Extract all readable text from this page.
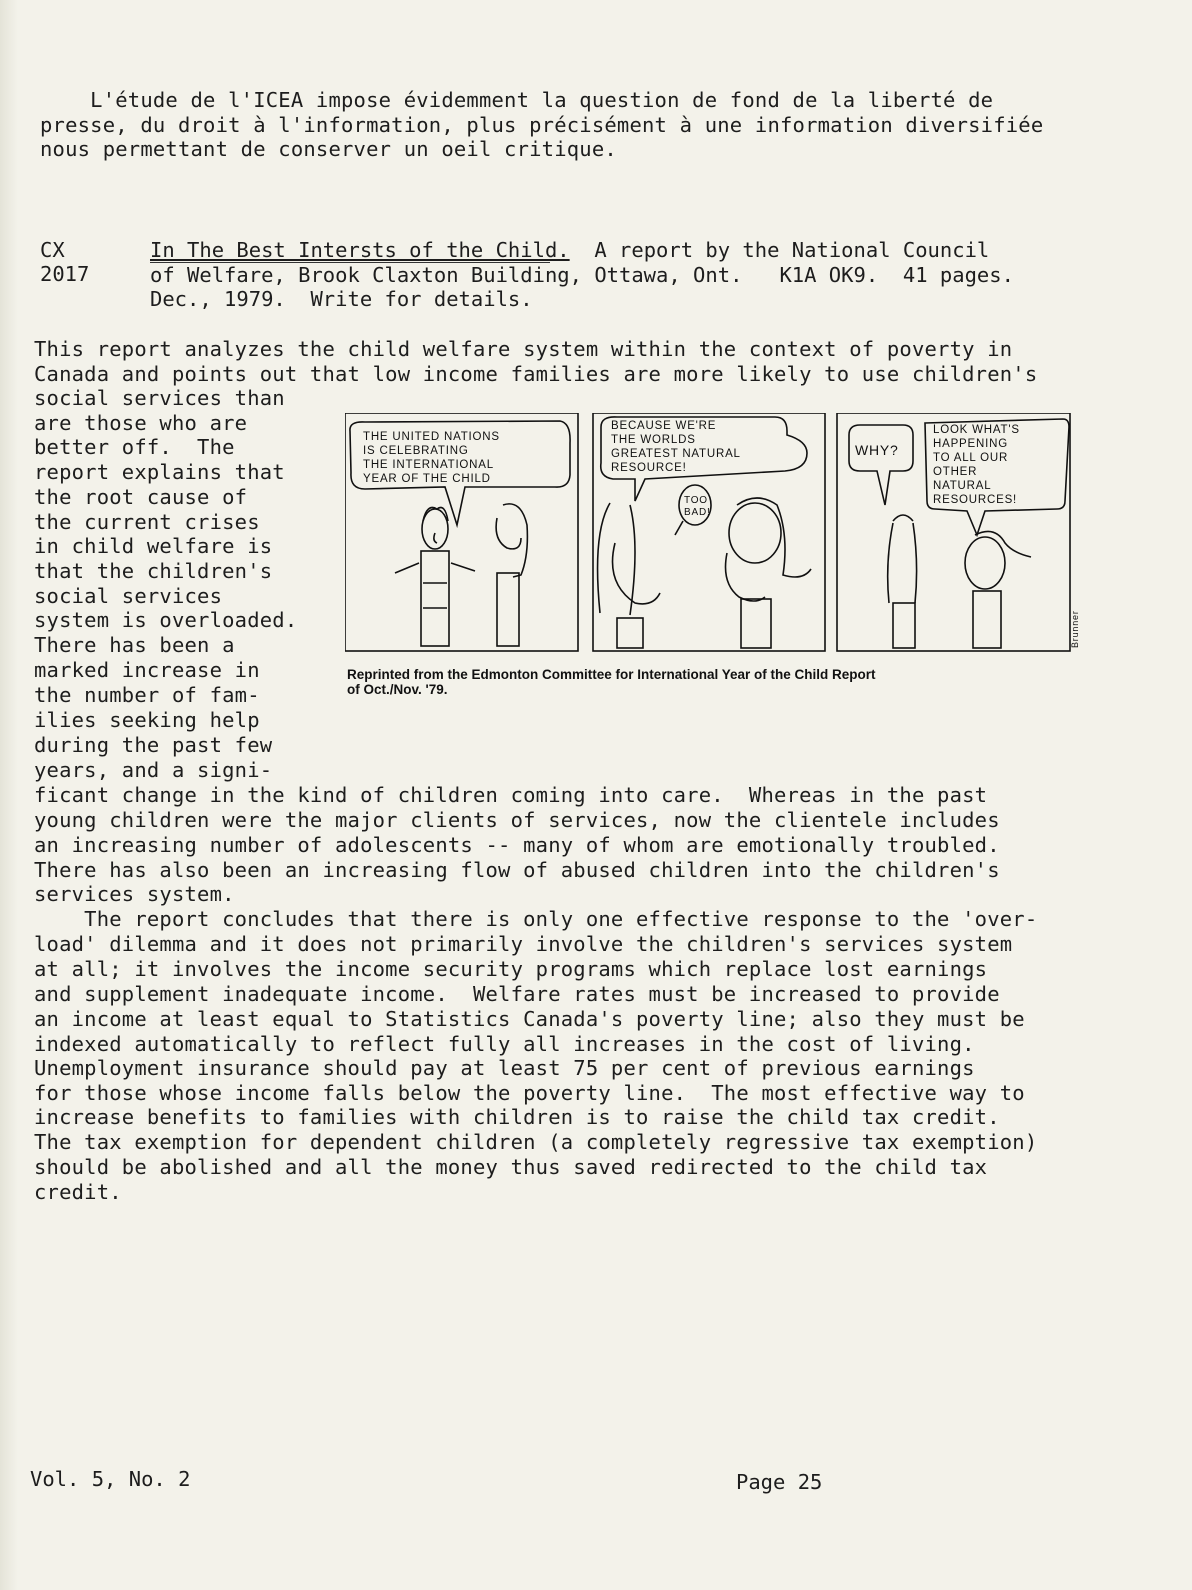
L'étude de l'ICEA impose évidemment la question de fond de la liberté de
presse, du droit à l'information, plus précisément à une information diversifiée
nous permettant de conserver un oeil critique.
CX
2017
In The Best Intersts of the Child.  A report by the National Council
of Welfare, Brook Claxton Building, Ottawa, Ont.   K1A OK9.  41 pages.
Dec., 1979.  Write for details.
This report analyzes the child welfare system within the context of poverty in
Canada and points out that low income families are more likely to use children's
social services than
are those who are
better off.  The
report explains that
the root cause of
the current crises
in child welfare is
that the children's
social services
system is overloaded.
There has been a
marked increase in
the number of fam-
ilies seeking help
during the past few
years, and a signi-
ficant change in the kind of children coming into care.  Whereas in the past
young children were the major clients of services, now the clientele includes
an increasing number of adolescents -- many of whom are emotionally troubled.
There has also been an increasing flow of abused children into the children's
services system.
The report concludes that there is only one effective response to the 'over-
load' dilemma and it does not primarily involve the children's services system
at all; it involves the income security programs which replace lost earnings
and supplement inadequate income.  Welfare rates must be increased to provide
an income at least equal to Statistics Canada's poverty line; also they must be
indexed automatically to reflect fully all increases in the cost of living.
Unemployment insurance should pay at least 75 per cent of previous earnings
for those whose income falls below the poverty line.  The most effective way to
increase benefits to families with children is to raise the child tax credit.
The tax exemption for dependent children (a completely regressive tax exemption)
should be abolished and all the money thus saved redirected to the child tax
credit.
THE UNITED NATIONS
IS CELEBRATING
THE INTERNATIONAL
YEAR OF THE CHILD
BECAUSE WE'RE
THE WORLDS
GREATEST NATURAL
RESOURCE!
TOO
BAD!
WHY?
LOOK WHAT'S
HAPPENING
TO ALL OUR
OTHER
NATURAL
RESOURCES!
Brunner
Reprinted from the Edmonton Committee for International Year of the Child Report
of Oct./Nov. '79.
Vol. 5, No. 2	Page 25
